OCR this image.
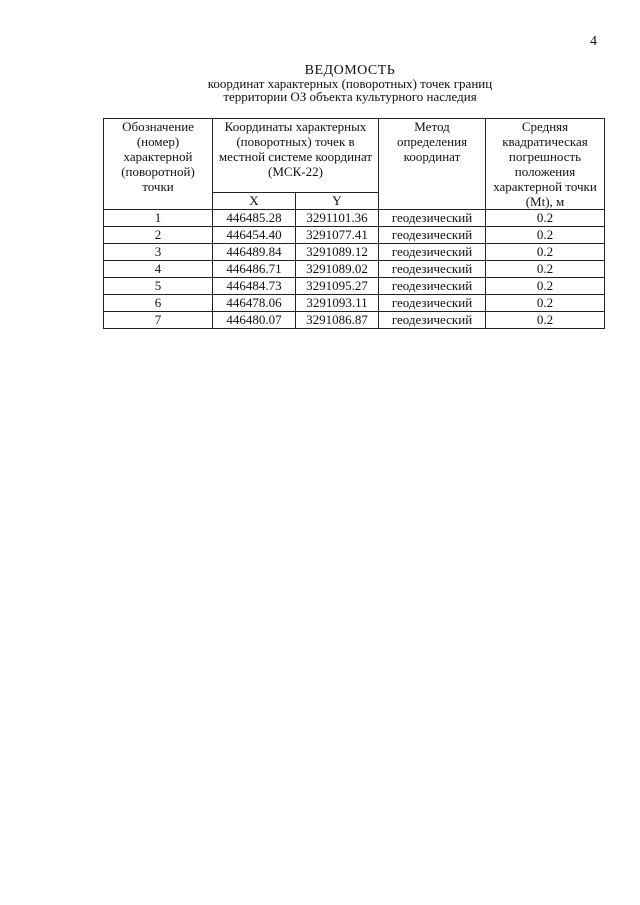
4
ВЕДОМОСТЬ
координат характерных (поворотных) точек границ
территории ОЗ объекта культурного наследия
Обозначение (номер) характерной (поворотной) точки	Координаты характерных (поворотных) точек в местной системе координат (МСК-22)		Метод определения координат	Средняя квадратическая погрешность положения характерной точки (Mt), м
	X	Y		
1	446485.28	3291101.36	геодезический	0.2
2	446454.40	3291077.41	геодезический	0.2
3	446489.84	3291089.12	геодезический	0.2
4	446486.71	3291089.02	геодезический	0.2
5	446484.73	3291095.27	геодезический	0.2
6	446478.06	3291093.11	геодезический	0.2
7	446480.07	3291086.87	геодезический	0.2
